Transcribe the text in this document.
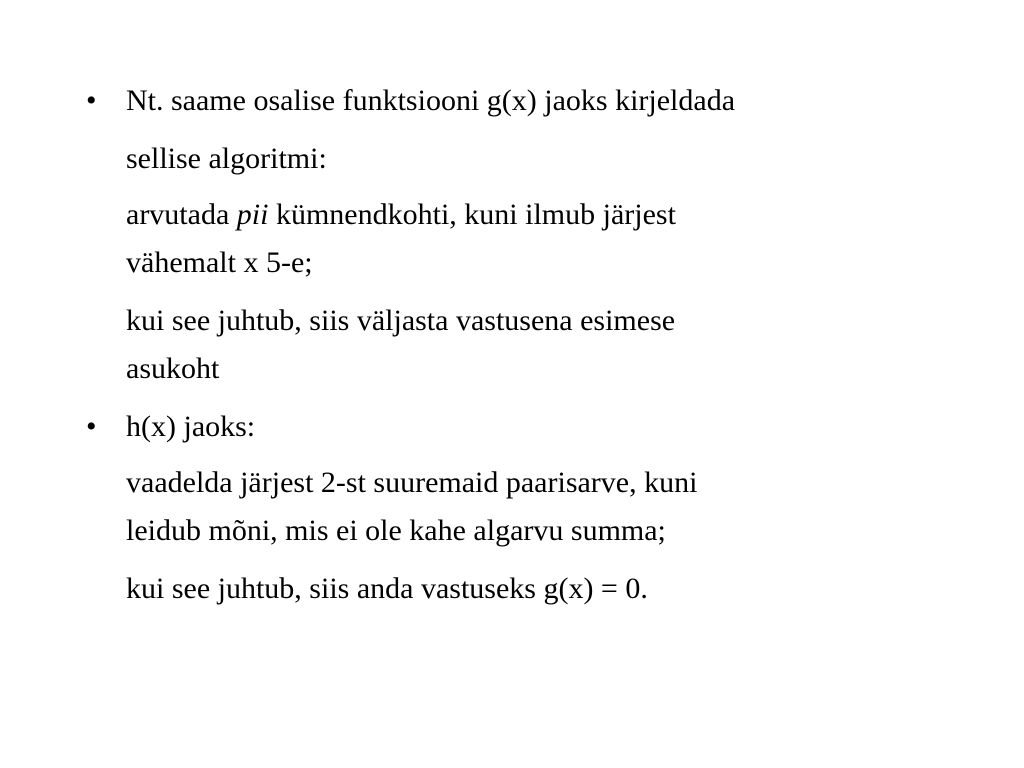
• Nt. saame osalise funktsiooni g(x) jaoks kirjeldada
sellise algoritmi:
arvutada pii kümnendkohti, kuni ilmub järjest
vähemalt x 5-e;
kui see juhtub, siis väljasta vastusena esimese
asukoht
• h(x) jaoks:
vaadelda järjest 2-st suuremaid paarisarve, kuni
leidub mõni, mis ei ole kahe algarvu summa;
kui see juhtub, siis anda vastuseks g(x) = 0.
